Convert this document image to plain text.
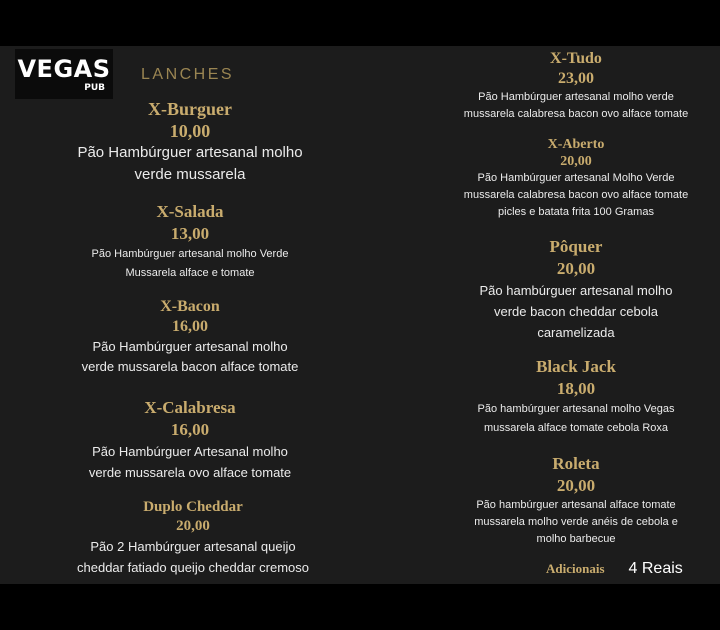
VEGAS
PUB
LANCHES
X-Burguer
10,00
Pão Hambúrguer artesanal molho
verde mussarela
X-Salada
13,00
Pão Hambúrguer artesanal molho Verde
Mussarela alface e tomate
X-Bacon
16,00
Pão Hambúrguer artesanal molho
verde mussarela bacon alface tomate
X-Calabresa
16,00
Pão Hambúrguer Artesanal molho
verde mussarela ovo alface tomate
Duplo Cheddar
20,00
Pão 2 Hambúrguer artesanal queijo
cheddar fatiado queijo cheddar cremoso
X-Tudo
23,00
Pão Hambúrguer artesanal molho verde
mussarela calabresa bacon ovo alface tomate
X-Aberto
20,00
Pão Hambúrguer artesanal Molho Verde
mussarela calabresa bacon ovo alface tomate
picles e batata frita 100 Gramas
Pôquer
20,00
Pão hambúrguer artesanal molho
verde bacon cheddar cebola
caramelizada
Black Jack
18,00
Pão hambúrguer artesanal molho Vegas
mussarela alface tomate cebola Roxa
Roleta
20,00
Pão hambúrguer artesanal alface tomate
mussarela molho verde anéis de cebola e
molho barbecue
Adicionais 4 Reais
